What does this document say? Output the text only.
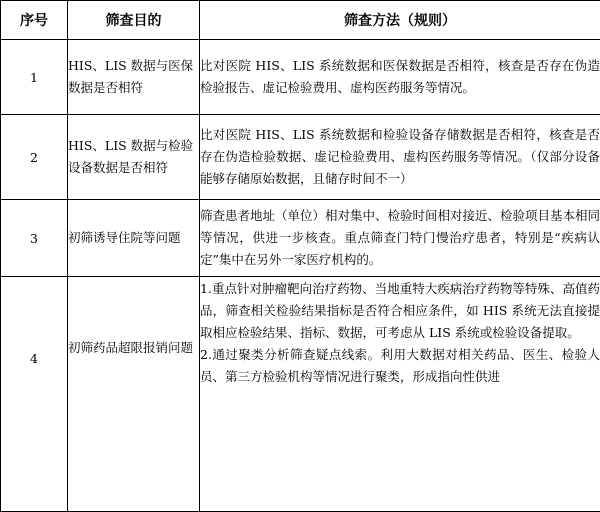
序号	筛查目的	筛查方法（规则）
1	HIS、LIS 数据与医保数据是否相符	比对医院 HIS、LIS 系统数据和医保数据是否相符，核查是否存在伪造检验报告、虚记检验费用、虚构医药服务等情况。
2	HIS、LIS 数据与检验设备数据是否相符	比对医院 HIS、LIS 系统数据和检验设备存储数据是否相符，核查是否存在伪造检验数据、虚记检验费用、虚构医药服务等情况。（仅部分设备能够存储原始数据，且储存时间不一）
3	初筛诱导住院等问题	筛查患者地址（单位）相对集中、检验时间相对接近、检验项目基本相同等情况，供进一步核查。重点筛查门特门慢治疗患者，特别是“疾病认定”集中在另外一家医疗机构的。
4	初筛药品超限报销问题	1.重点针对肿瘤靶向治疗药物、当地重特大疾病治疗药物等特殊、高值药品，筛查相关检验结果指标是否符合相应条件，如 HIS 系统无法直接提取相应检验结果、指标、数据，可考虑从 LIS 系统或检验设备提取。
2.通过聚类分析筛查疑点线索。利用大数据对相关药品、医生、检验人员、第三方检验机构等情况进行聚类，形成指向性供进
